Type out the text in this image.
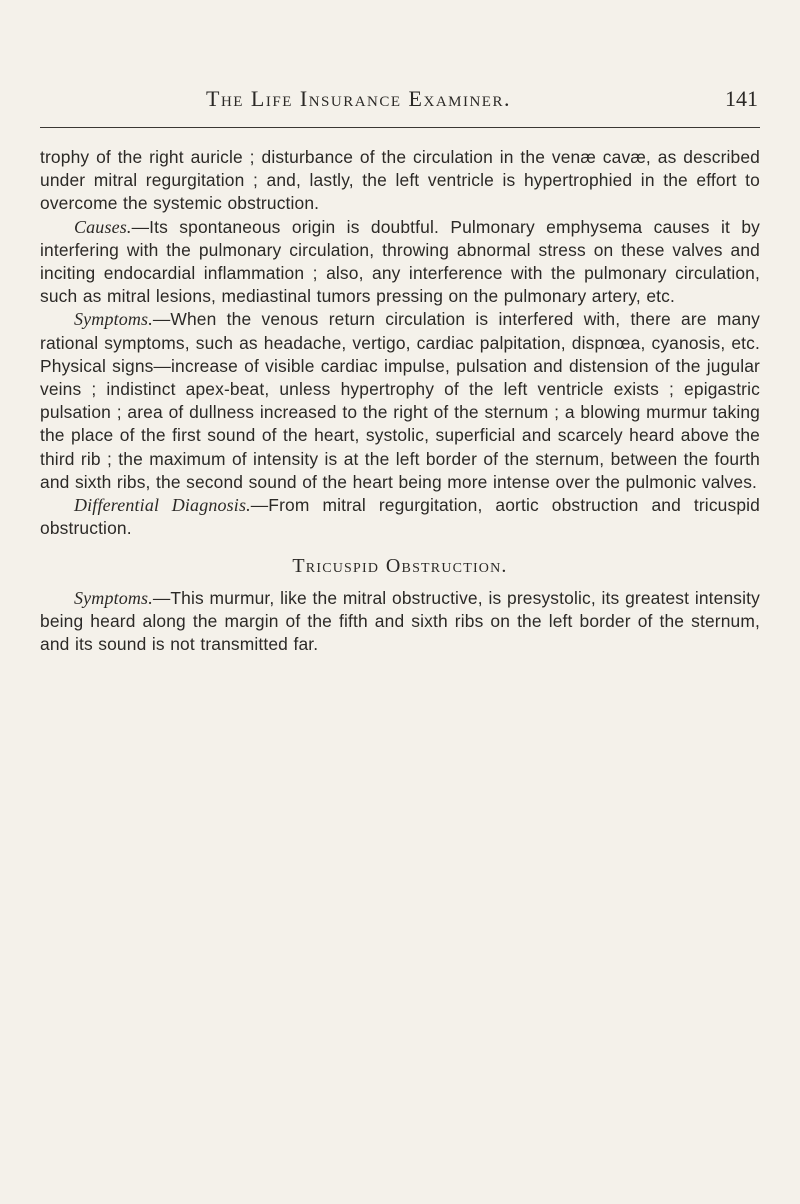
The Life Insurance Examiner.	141

trophy of the right auricle ; disturbance of the circulation in the venæ cavæ, as described under mitral regurgitation ; and, lastly, the left ventricle is hypertrophied in the effort to overcome the systemic obstruction.

Causes.—Its spontaneous origin is doubtful. Pulmonary emphysema causes it by interfering with the pulmonary circulation, throwing abnormal stress on these valves and inciting endocardial inflammation ; also, any interference with the pulmonary circulation, such as mitral lesions, mediastinal tumors pressing on the pulmonary artery, etc.

Symptoms.—When the venous return circulation is interfered with, there are many rational symptoms, such as headache, vertigo, cardiac palpitation, dispnœa, cyanosis, etc. Physical signs—increase of visible cardiac impulse, pulsation and distension of the jugular veins ; indistinct apex-beat, unless hypertrophy of the left ventricle exists ; epigastric pulsation ; area of dullness increased to the right of the sternum ; a blowing murmur taking the place of the first sound of the heart, systolic, superficial and scarcely heard above the third rib ; the maximum of intensity is at the left border of the sternum, between the fourth and sixth ribs, the second sound of the heart being more intense over the pulmonic valves.

Differential Diagnosis.—From mitral regurgitation, aortic obstruction and tricuspid obstruction.

Tricuspid Obstruction.

Symptoms.—This murmur, like the mitral obstructive, is presystolic, its greatest intensity being heard along the margin of the fifth and sixth ribs on the left border of the sternum, and its sound is not transmitted far.
